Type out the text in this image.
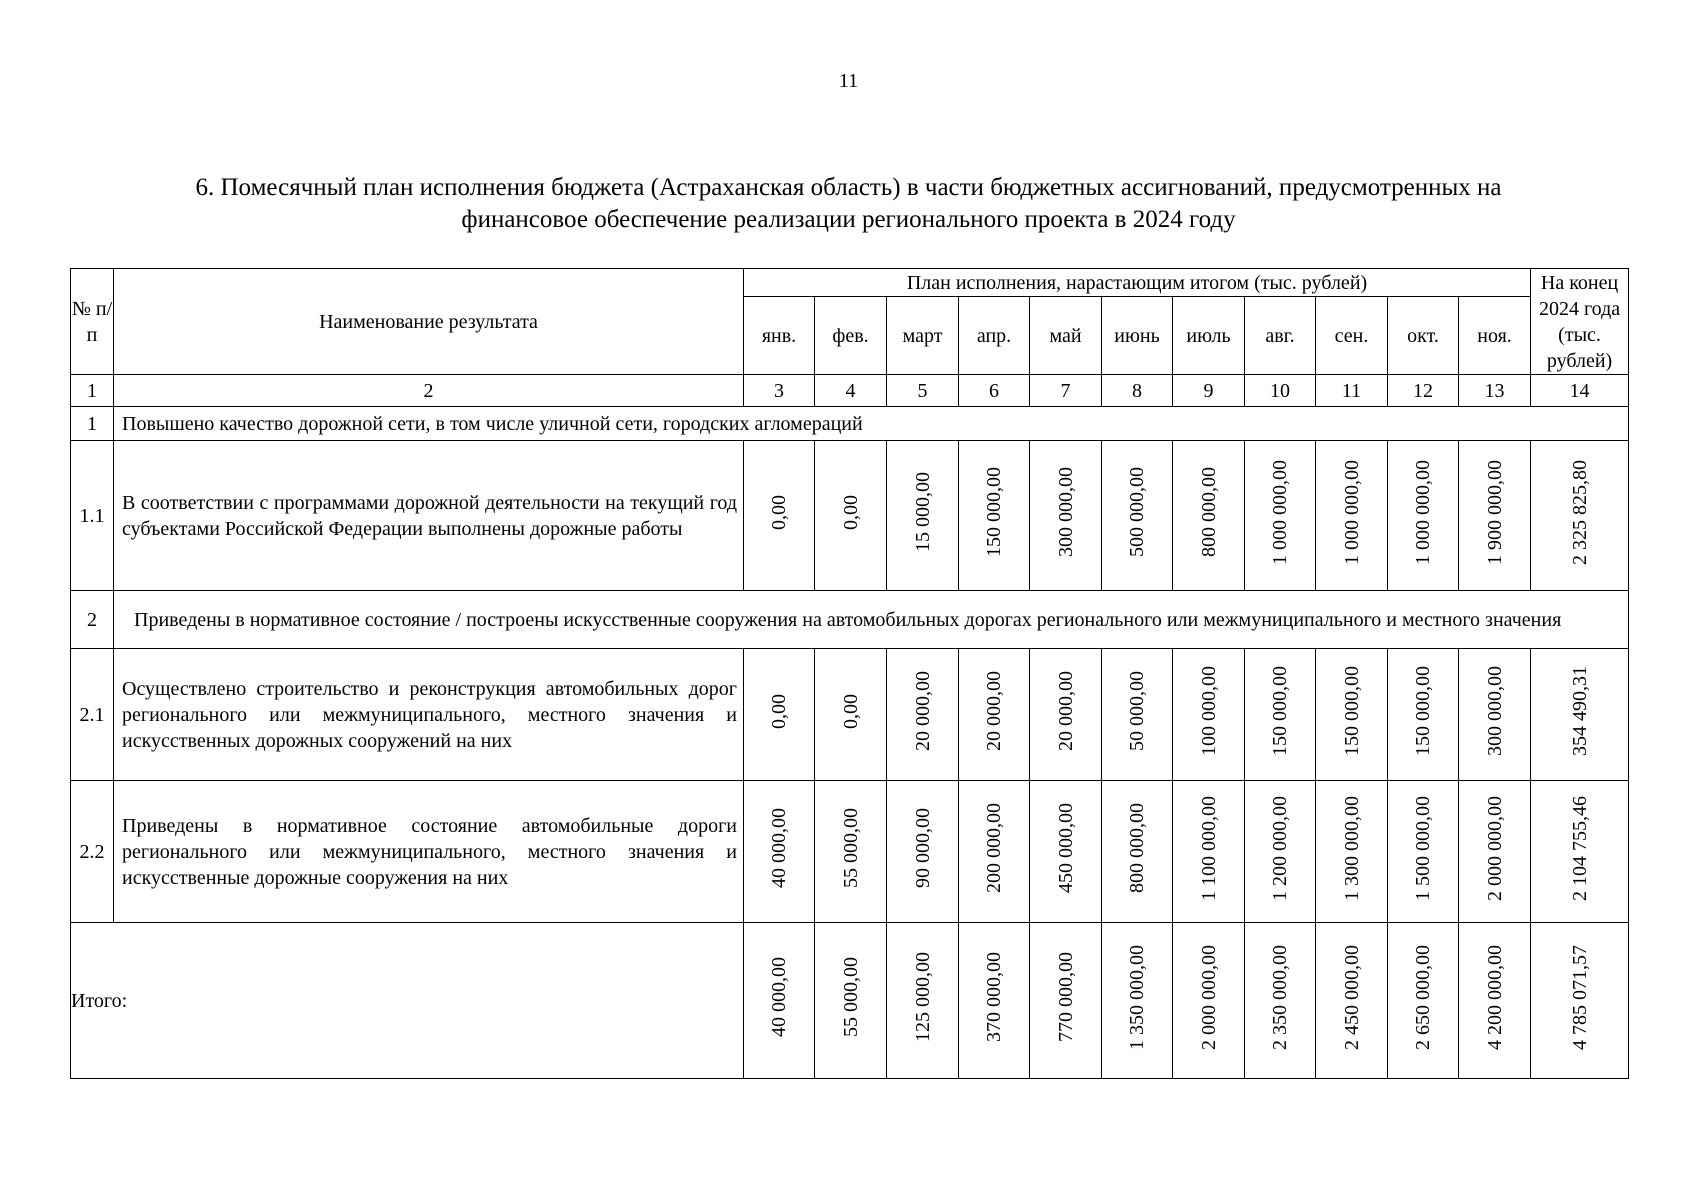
11
6. Помесячный план исполнения бюджета (Астраханская область) в части бюджетных ассигнований, предусмотренных на
финансовое обеспечение реализации регионального проекта в 2024 году
№ п/п	Наименование результата	План исполнения, нарастающим итогом (тыс. рублей)											На конец 2024 года (тыс. рублей)
		янв.	фев.	март	апр.	май	июнь	июль	авг.	сен.	окт.	ноя.	
1	2	3	4	5	6	7	8	9	10	11	12	13	14
1	Повышено качество дорожной сети, в том числе уличной сети, городских агломераций												
1.1	В соответствии с программами дорожной деятельности на текущий год субъектами Российской Федерации выполнены дорожные работы	0,00	0,00	15 000,00	150 000,00	300 000,00	500 000,00	800 000,00	1 000 000,00	1 000 000,00	1 000 000,00	1 900 000,00	2 325 825,80
2	Приведены в нормативное состояние / построены искусственные сооружения на автомобильных дорогах регионального или межмуниципального и местного значения												
2.1	Осуществлено строительство и реконструкция автомобильных дорог регионального или межмуниципального, местного значения и искусственных дорожных сооружений на них	0,00	0,00	20 000,00	20 000,00	20 000,00	50 000,00	100 000,00	150 000,00	150 000,00	150 000,00	300 000,00	354 490,31
2.2	Приведены в нормативное состояние автомобильные дороги регионального или межмуниципального, местного значения и искусственные дорожные сооружения на них	40 000,00	55 000,00	90 000,00	200 000,00	450 000,00	800 000,00	1 100 000,00	1 200 000,00	1 300 000,00	1 500 000,00	2 000 000,00	2 104 755,46
Итого:		40 000,00	55 000,00	125 000,00	370 000,00	770 000,00	1 350 000,00	2 000 000,00	2 350 000,00	2 450 000,00	2 650 000,00	4 200 000,00	4 785 071,57
